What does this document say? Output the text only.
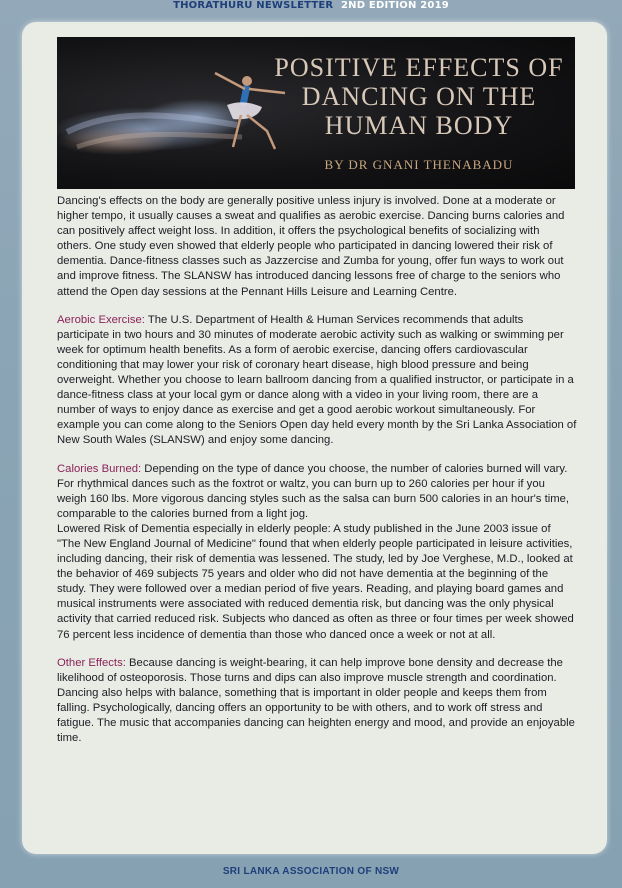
THORATHURU NEWSLETTER 2ND EDITION 2019
POSITIVE EFFECTS OF
DANCING ON THE
HUMAN BODY
BY DR GNANI THENABADU

Dancing's effects on the body are generally positive unless injury is involved. Done at a moderate or higher tempo, it usually causes a sweat and qualifies as aerobic exercise. Dancing burns calories and can positively affect weight loss. In addition, it offers the psychological benefits of socializing with others. One study even showed that elderly people who participated in dancing lowered their risk of dementia. Dance-fitness classes such as Jazzercise and Zumba for young, offer fun ways to work out and improve fitness. The SLANSW has introduced dancing lessons free of charge to the seniors who attend the Open day sessions at the Pennant Hills Leisure and Learning Centre.

Aerobic Exercise: The U.S. Department of Health & Human Services recommends that adults participate in two hours and 30 minutes of moderate aerobic activity such as walking or swimming per week for optimum health benefits. As a form of aerobic exercise, dancing offers cardiovascular conditioning that may lower your risk of coronary heart disease, high blood pressure and being overweight. Whether you choose to learn ballroom dancing from a qualified instructor, or participate in a dance-fitness class at your local gym or dance along with a video in your living room, there are a number of ways to enjoy dance as exercise and get a good aerobic workout simultaneously. For example you can come along to the Seniors Open day held every month by the Sri Lanka Association of New South Wales (SLANSW) and enjoy some dancing.

Calories Burned: Depending on the type of dance you choose, the number of calories burned will vary. For rhythmical dances such as the foxtrot or waltz, you can burn up to 260 calories per hour if you weigh 160 lbs. More vigorous dancing styles such as the salsa can burn 500 calories in an hour's time, comparable to the calories burned from a light jog.

Lowered Risk of Dementia especially in elderly people: A study published in the June 2003 issue of "The New England Journal of Medicine" found that when elderly people participated in leisure activities, including dancing, their risk of dementia was lessened. The study, led by Joe Verghese, M.D., looked at the behavior of 469 subjects 75 years and older who did not have dementia at the beginning of the study. They were followed over a median period of five years. Reading, and playing board games and musical instruments were associated with reduced dementia risk, but dancing was the only physical activity that carried reduced risk. Subjects who danced as often as three or four times per week showed 76 percent less incidence of dementia than those who danced once a week or not at all.

Other Effects: Because dancing is weight-bearing, it can help improve bone density and decrease the likelihood of osteoporosis. Those turns and dips can also improve muscle strength and coordination. Dancing also helps with balance, something that is important in older people and keeps them from falling. Psychologically, dancing offers an opportunity to be with others, and to work off stress and fatigue. The music that accompanies dancing can heighten energy and mood, and provide an enjoyable time.

SRI LANKA ASSOCIATION OF NSW
